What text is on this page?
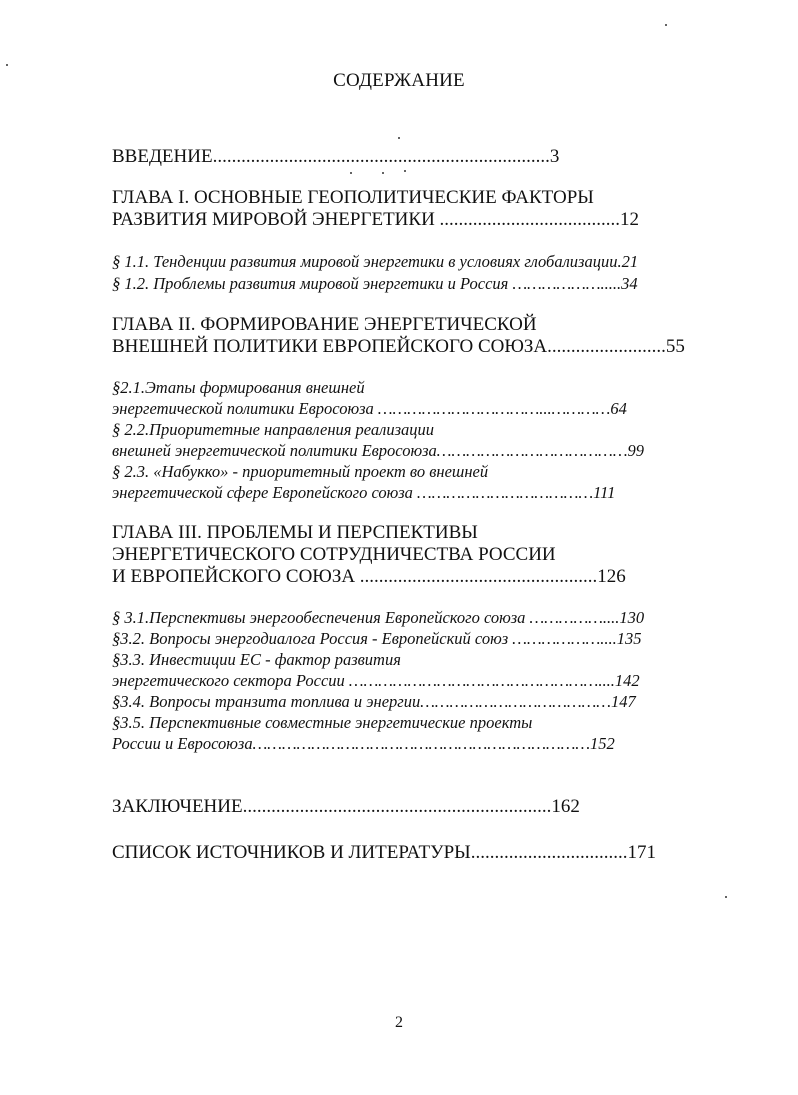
СОДЕРЖАНИЕ
ВВЕДЕНИЕ.......................................................................3
ГЛАВА I. ОСНОВНЫЕ ГЕОПОЛИТИЧЕСКИЕ ФАКТОРЫ
РАЗВИТИЯ МИРОВОЙ ЭНЕРГЕТИКИ ......................................12
§ 1.1. Тенденции развития мировой энергетики в условиях глобализации.21
§ 1.2. Проблемы развития мировой энергетики и Россия ……………….....34
ГЛАВА II. ФОРМИРОВАНИЕ ЭНЕРГЕТИЧЕСКОЙ
ВНЕШНЕЙ ПОЛИТИКИ ЕВРОПЕЙСКОГО СОЮЗА.........................55
§2.1.Этапы формирования внешней
энергетической политики Евросоюза ……………………………...…………64
§ 2.2.Приоритетные направления реализации
внешней энергетической политики Евросоюза…………………………………99
§ 2.3. «Набукко» - приоритетный проект во внешней
энергетической сфере Европейского союза ………………………………111
ГЛАВА III. ПРОБЛЕМЫ И ПЕРСПЕКТИВЫ
ЭНЕРГЕТИЧЕСКОГО СОТРУДНИЧЕСТВА РОССИИ
И ЕВРОПЕЙСКОГО СОЮЗА ..................................................126
§ 3.1.Перспективы энергообеспечения Европейского союза ……………....130
§3.2. Вопросы энергодиалога Россия - Европейский союз ………………....135
§3.3. Инвестиции ЕС - фактор развития
энергетического сектора России ……………………………………………....142
§3.4. Вопросы транзита топлива и энергии…………………………………147
§3.5. Перспективные совместные энергетические проекты
России и Евросоюза……………………………………………………………152
ЗАКЛЮЧЕНИЕ.................................................................162
СПИСОК ИСТОЧНИКОВ И ЛИТЕРАТУРЫ.................................171
2
